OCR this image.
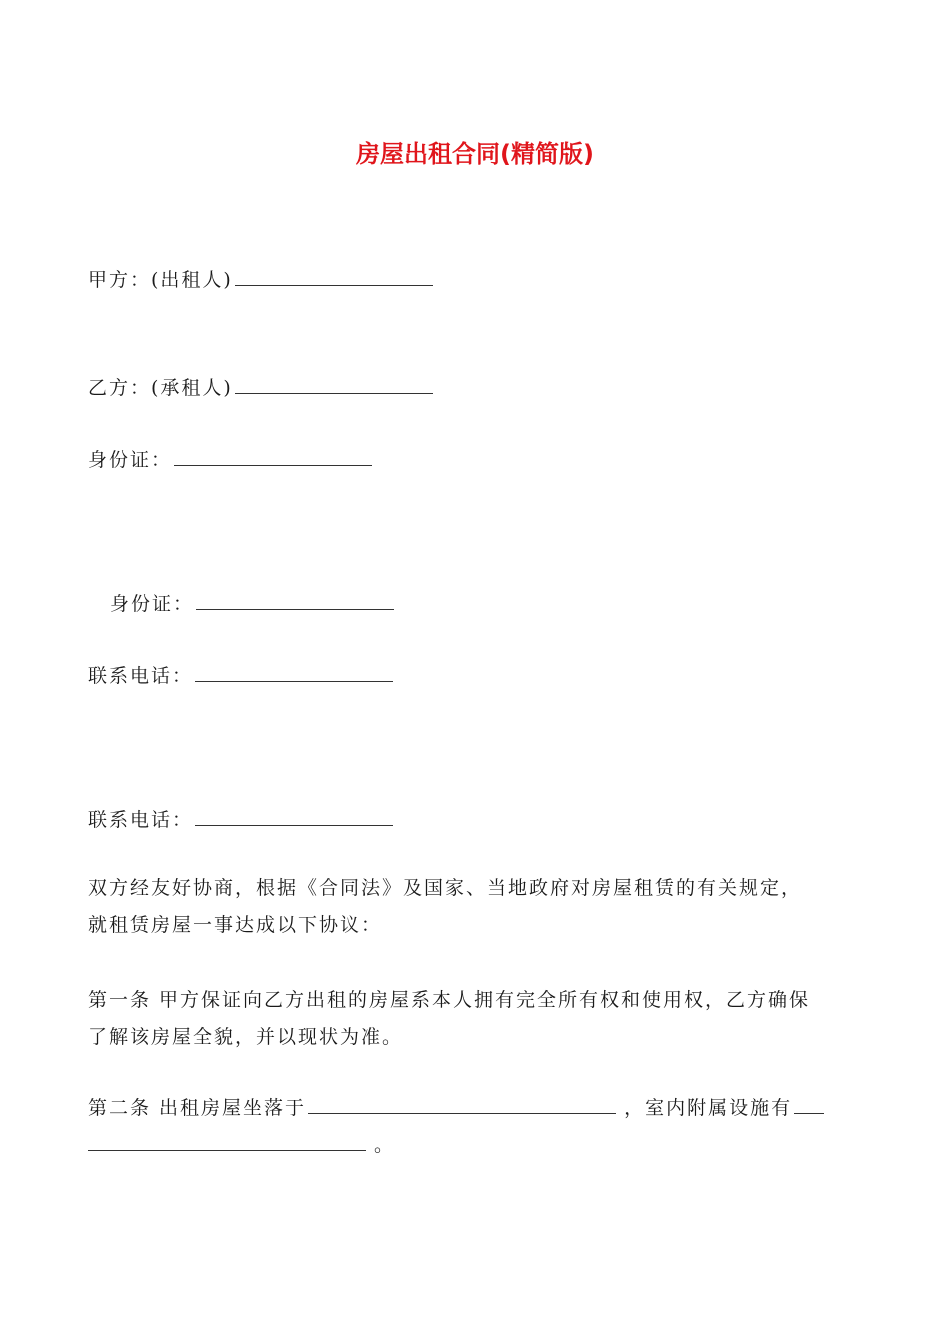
房屋出租合同(精简版)
甲方：(出租人)
乙方：(承租人)
身份证：
身份证：
联系电话：
联系电话：
双方经友好协商，根据《合同法》及国家、当地政府对房屋租赁的有关规定，
就租赁房屋一事达成以下协议：
第一条 甲方保证向乙方出租的房屋系本人拥有完全所有权和使用权，乙方确保
了解该房屋全貌，并以现状为准。
第二条 出租房屋坐落于	，室内附属设施有
。
